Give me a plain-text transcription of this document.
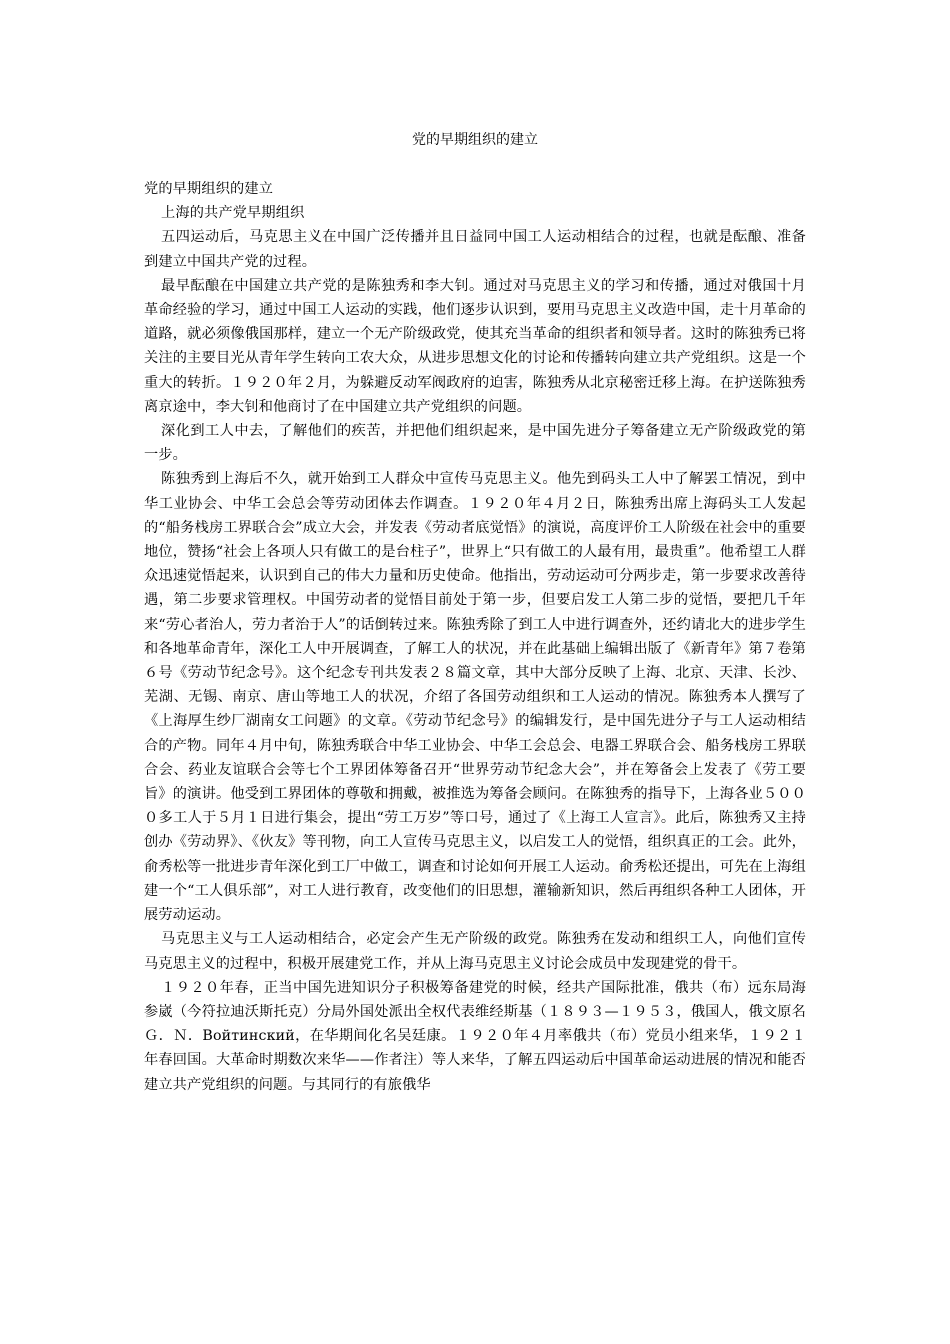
党的早期组织的建立

党的早期组织的建立

上海的共产党早期组织

五四运动后，马克思主义在中国广泛传播并且日益同中国工人运动相结合的过程，也就是酝酿、准备到建立中国共产党的过程。

最早酝酿在中国建立共产党的是陈独秀和李大钊。通过对马克思主义的学习和传播，通过对俄国十月革命经验的学习，通过中国工人运动的实践，他们逐步认识到，要用马克思主义改造中国，走十月革命的道路，就必须像俄国那样，建立一个无产阶级政党，使其充当革命的组织者和领导者。这时的陈独秀已将关注的主要目光从青年学生转向工农大众，从进步思想文化的讨论和传播转向建立共产党组织。这是一个重大的转折。１９２０年２月，为躲避反动军阀政府的迫害，陈独秀从北京秘密迁移上海。在护送陈独秀离京途中，李大钊和他商讨了在中国建立共产党组织的问题。

深化到工人中去，了解他们的疾苦，并把他们组织起来，是中国先进分子筹备建立无产阶级政党的第一步。

陈独秀到上海后不久，就开始到工人群众中宣传马克思主义。他先到码头工人中了解罢工情况，到中华工业协会、中华工会总会等劳动团体去作调查。１９２０年４月２日，陈独秀出席上海码头工人发起的“船务栈房工界联合会”成立大会，并发表《劳动者底觉悟》的演说，高度评价工人阶级在社会中的重要地位，赞扬“社会上各项人只有做工的是台柱子”，世界上“只有做工的人最有用，最贵重”。他希望工人群众迅速觉悟起来，认识到自己的伟大力量和历史使命。他指出，劳动运动可分两步走，第一步要求改善待遇，第二步要求管理权。中国劳动者的觉悟目前处于第一步，但要启发工人第二步的觉悟，要把几千年来“劳心者治人，劳力者治于人”的话倒转过来。陈独秀除了到工人中进行调查外，还约请北大的进步学生和各地革命青年，深化工人中开展调查，了解工人的状况，并在此基础上编辑出版了《新青年》第７卷第６号《劳动节纪念号》。这个纪念专刊共发表２８篇文章，其中大部分反映了上海、北京、天津、长沙、芜湖、无锡、南京、唐山等地工人的状况，介绍了各国劳动组织和工人运动的情况。陈独秀本人撰写了《上海厚生纱厂湖南女工问题》的文章。《劳动节纪念号》的编辑发行，是中国先进分子与工人运动相结合的产物。同年４月中旬，陈独秀联合中华工业协会、中华工会总会、电器工界联合会、船务栈房工界联合会、药业友谊联合会等七个工界团体筹备召开“世界劳动节纪念大会”，并在筹备会上发表了《劳工要旨》的演讲。他受到工界团体的尊敬和拥戴，被推选为筹备会顾问。在陈独秀的指导下，上海各业５０００多工人于５月１日进行集会，提出“劳工万岁”等口号，通过了《上海工人宣言》。此后，陈独秀又主持创办《劳动界》、《伙友》等刊物，向工人宣传马克思主义，以启发工人的觉悟，组织真正的工会。此外，俞秀松等一批进步青年深化到工厂中做工，调查和讨论如何开展工人运动。俞秀松还提出，可先在上海组建一个“工人俱乐部”，对工人进行教育，改变他们的旧思想，灌输新知识，然后再组织各种工人团体，开展劳动运动。

马克思主义与工人运动相结合，必定会产生无产阶级的政党。陈独秀在发动和组织工人，向他们宣传马克思主义的过程中，积极开展建党工作，并从上海马克思主义讨论会成员中发现建党的骨干。

１９２０年春，正当中国先进知识分子积极筹备建党的时候，经共产国际批准，俄共（布）远东局海参崴（今符拉迪沃斯托克）分局外国处派出全权代表维经斯基（１８９３—１９５３，俄国人，俄文原名Ｇ．Ｎ．Войтинский，在华期间化名吴廷康。１９２０年４月率俄共（布）党员小组来华，１９２１年春回国。大革命时期数次来华——作者注）等人来华，了解五四运动后中国革命运动进展的情况和能否建立共产党组织的问题。与其同行的有旅俄华
